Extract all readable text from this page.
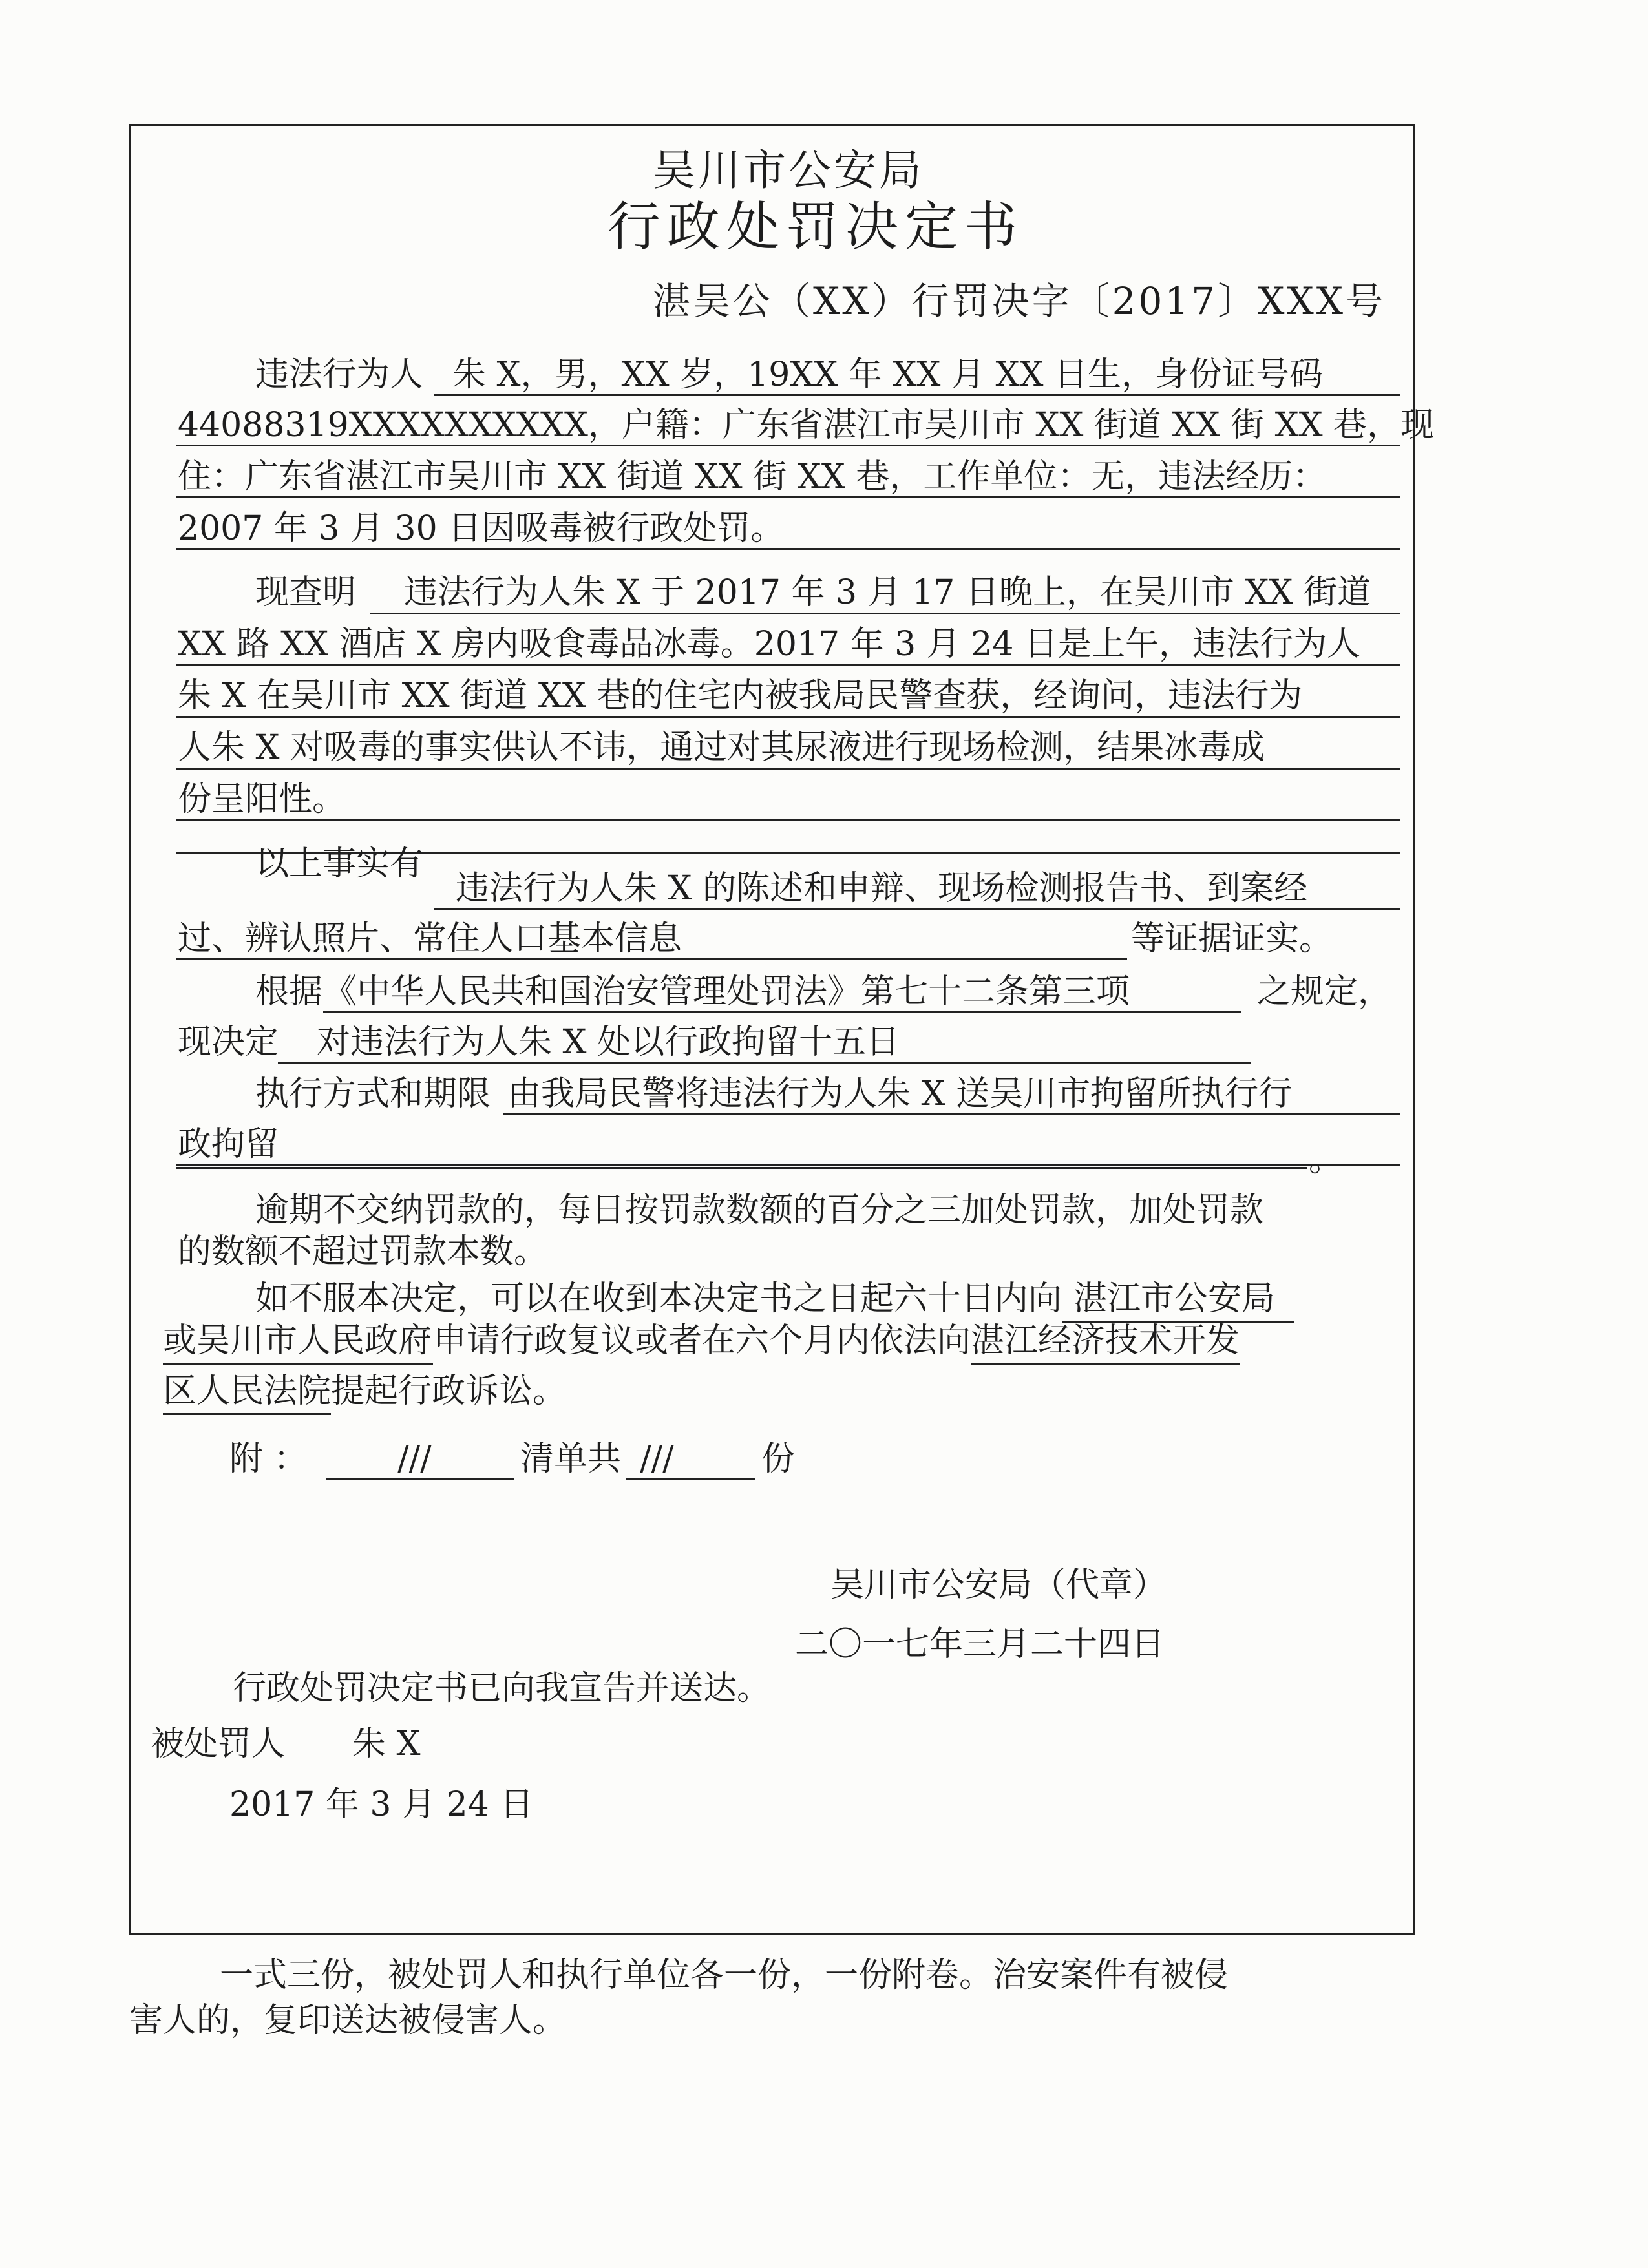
吴川市公安局
行政处罚决定书
湛吴公（XX）行罚决字〔2017〕XXX号
违法行为人 朱 X，男，XX 岁，19XX 年 XX 月 XX 日生，身份证号码
44088319XXXXXXXXXX，户籍：广东省湛江市吴川市 XX 街道 XX 街 XX 巷，现
住：广东省湛江市吴川市 XX 街道 XX 街 XX 巷，工作单位：无，违法经历：
2007 年 3 月 30 日因吸毒被行政处罚。
现查明 违法行为人朱 X 于 2017 年 3 月 17 日晚上，在吴川市 XX 街道
XX 路 XX 酒店 X 房内吸食毒品冰毒。2017 年 3 月 24 日是上午，违法行为人
朱 X 在吴川市 XX 街道 XX 巷的住宅内被我局民警查获，经询问，违法行为
人朱 X 对吸毒的事实供认不讳，通过对其尿液进行现场检测，结果冰毒成
份呈阳性。
以上事实有
违法行为人朱 X 的陈述和申辩、现场检测报告书、到案经
过、辨认照片、常住人口基本信息	等证据证实。
根据 《中华人民共和国治安管理处罚法》第七十二条第三项	之规定，
现决定 对违法行为人朱 X 处以行政拘留十五日
执行方式和期限 由我局民警将违法行为人朱 X 送吴川市拘留所执行行
政拘留	。
逾期不交纳罚款的，每日按罚款数额的百分之三加处罚款，加处罚款
的数额不超过罚款本数。
如不服本决定，可以在收到本决定书之日起六十日内向 湛江市公安局
或吴川市人民政府申请行政复议或者在六个月内依法向湛江经济技术开发
区人民法院提起行政诉讼。
附 ：	///	清单共 ///	份
吴川市公安局（代章）
二〇一七年三月二十四日
行政处罚决定书已向我宣告并送达。
被处罚人 朱 X
2017 年 3 月 24 日
一式三份，被处罚人和执行单位各一份，一份附卷。治安案件有被侵
害人的，复印送达被侵害人。
